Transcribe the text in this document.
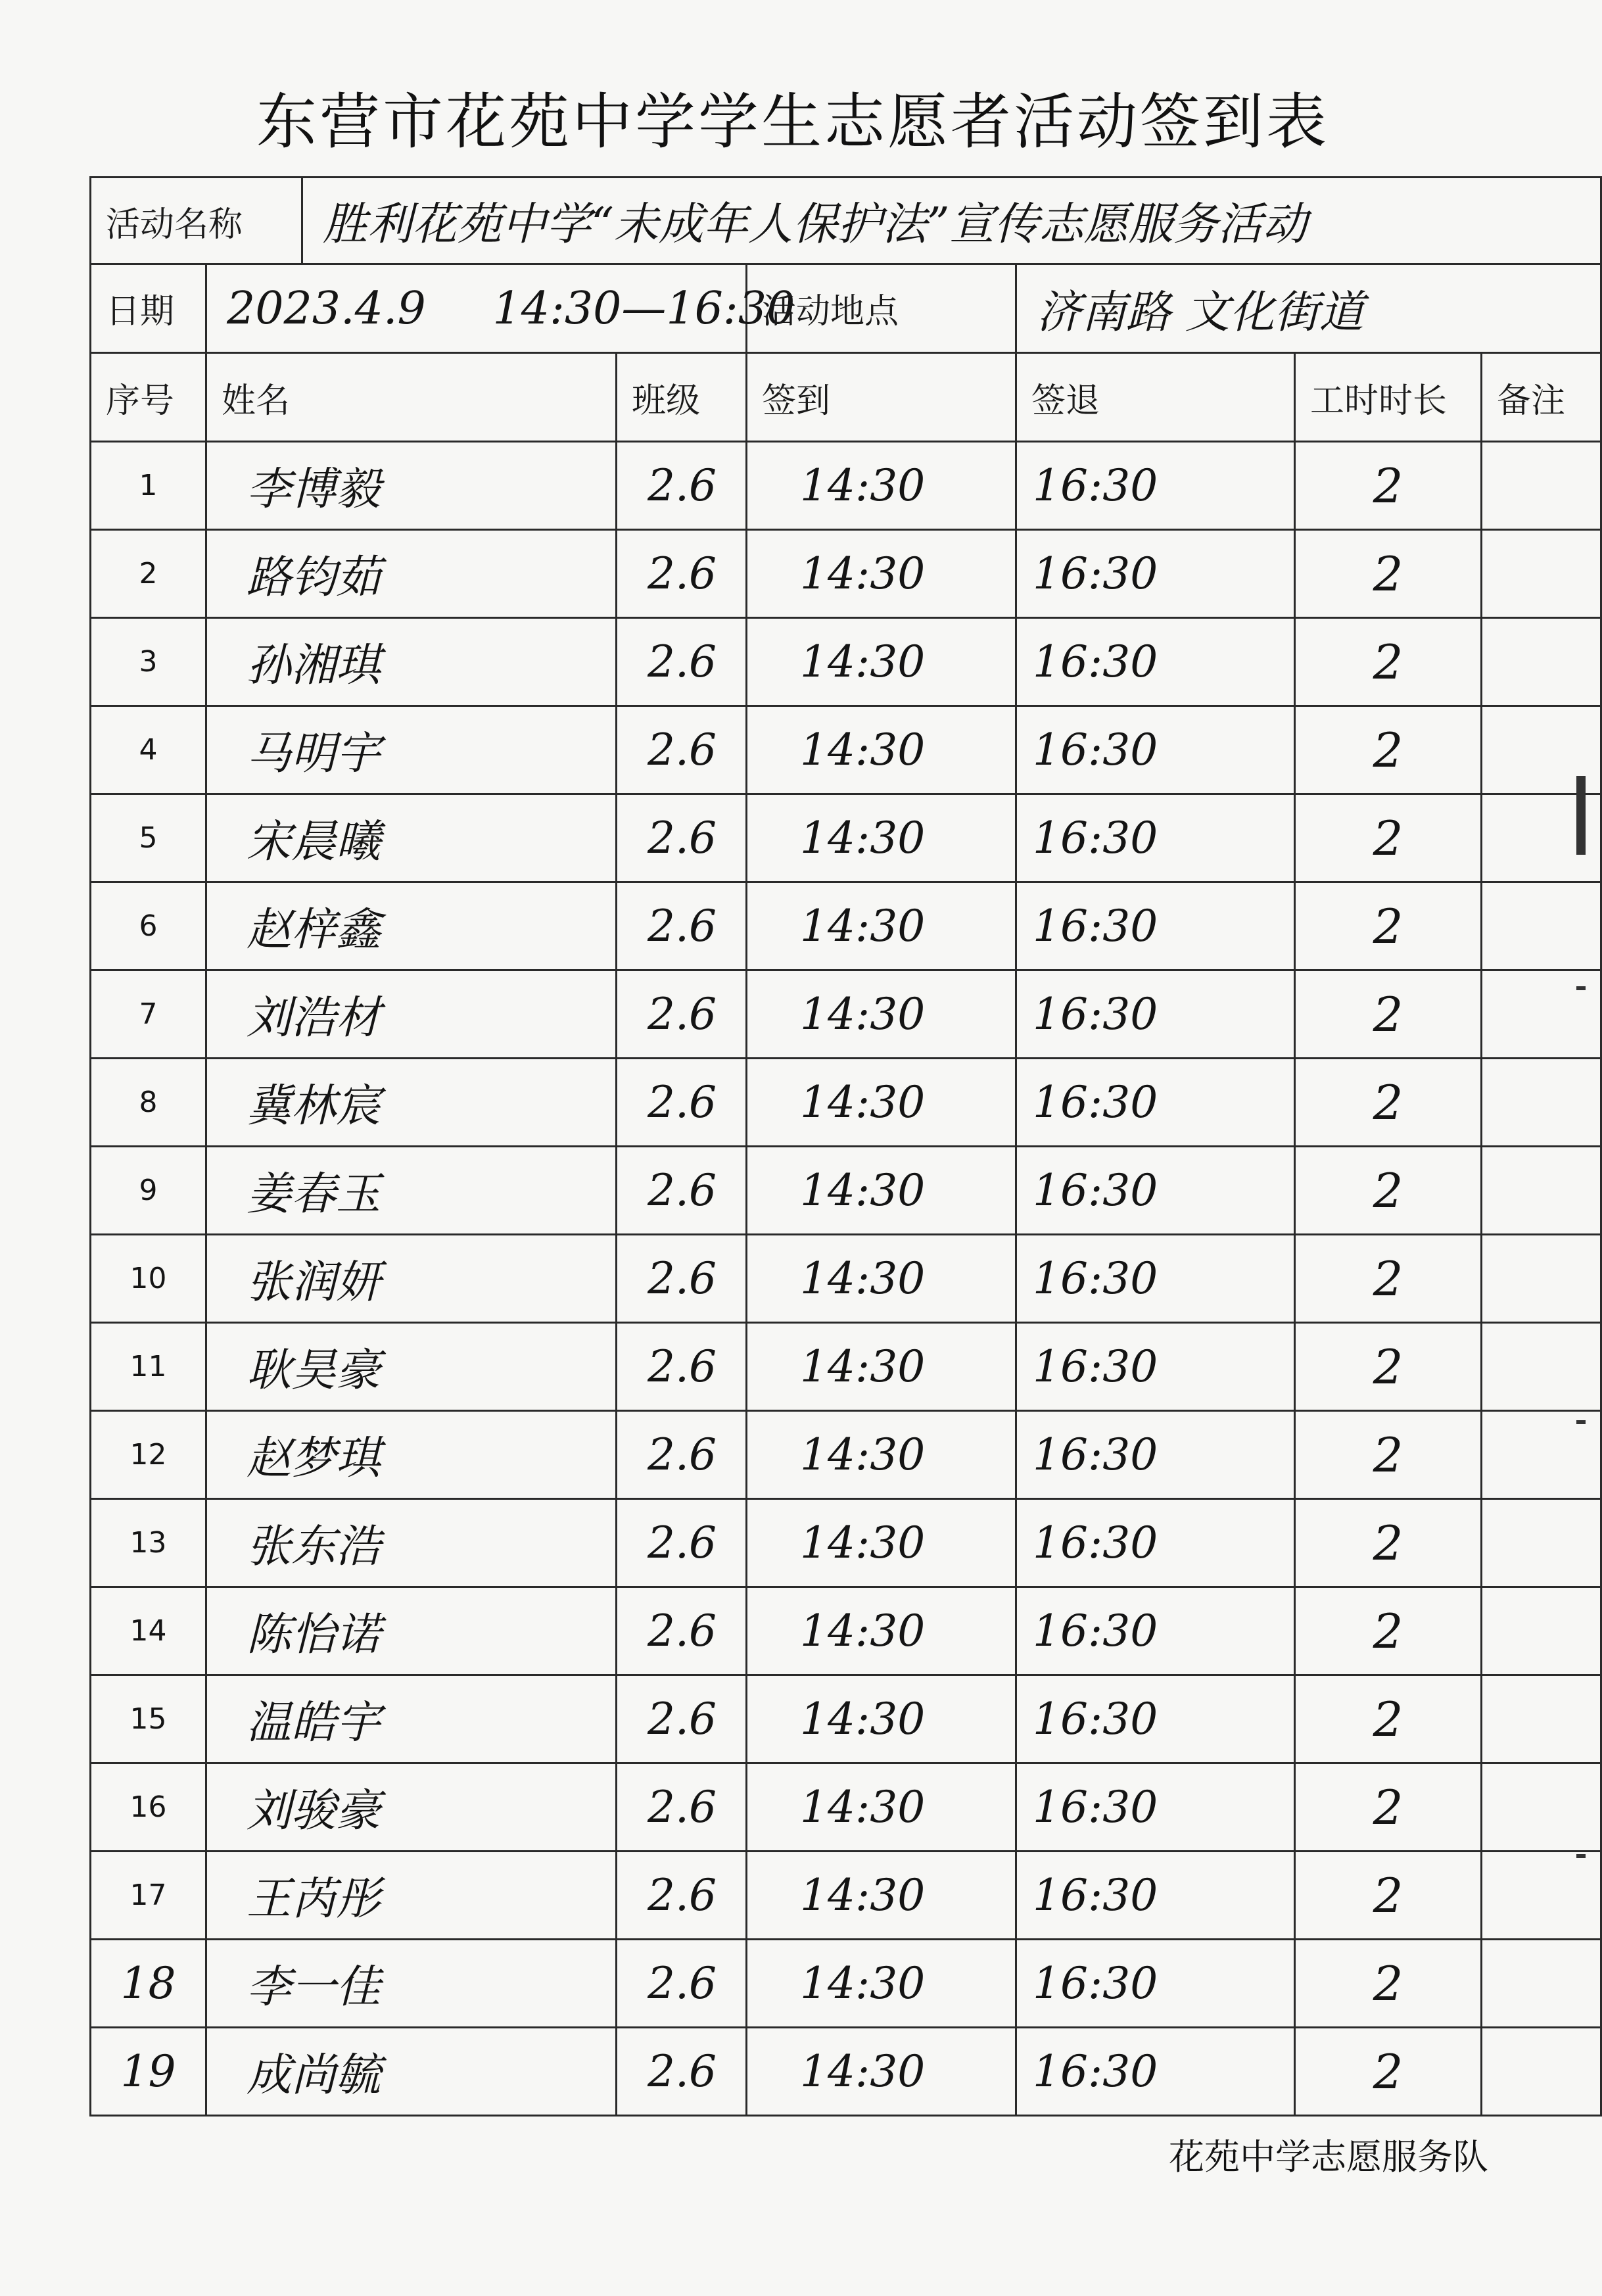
东营市花苑中学学生志愿者活动签到表
活动名称		胜利花苑中学“未成年人保护法”宣传志愿服务活动					
日期	2023.4.9 14:30—16:30			活动地点	济南路 文化街道		
序号	姓名		班级	签到	签退	工时时长	备注
1	李博毅		2.6	14:30	16:30	2	
2	路钧茹		2.6	14:30	16:30	2	
3	孙湘琪		2.6	14:30	16:30	2	
4	马明宇		2.6	14:30	16:30	2	
5	宋晨曦		2.6	14:30	16:30	2	
6	赵梓鑫		2.6	14:30	16:30	2	
7	刘浩材		2.6	14:30	16:30	2	
8	冀林宸		2.6	14:30	16:30	2	
9	姜春玉		2.6	14:30	16:30	2	
10	张润妍		2.6	14:30	16:30	2	
11	耿昊豪		2.6	14:30	16:30	2	
12	赵梦琪		2.6	14:30	16:30	2	
13	张东浩		2.6	14:30	16:30	2	
14	陈怡诺		2.6	14:30	16:30	2	
15	温皓宇		2.6	14:30	16:30	2	
16	刘骏豪		2.6	14:30	16:30	2	
17	王芮彤		2.6	14:30	16:30	2	
18	李一佳		2.6	14:30	16:30	2	
19	成尚毓		2.6	14:30	16:30	2	
花苑中学志愿服务队
